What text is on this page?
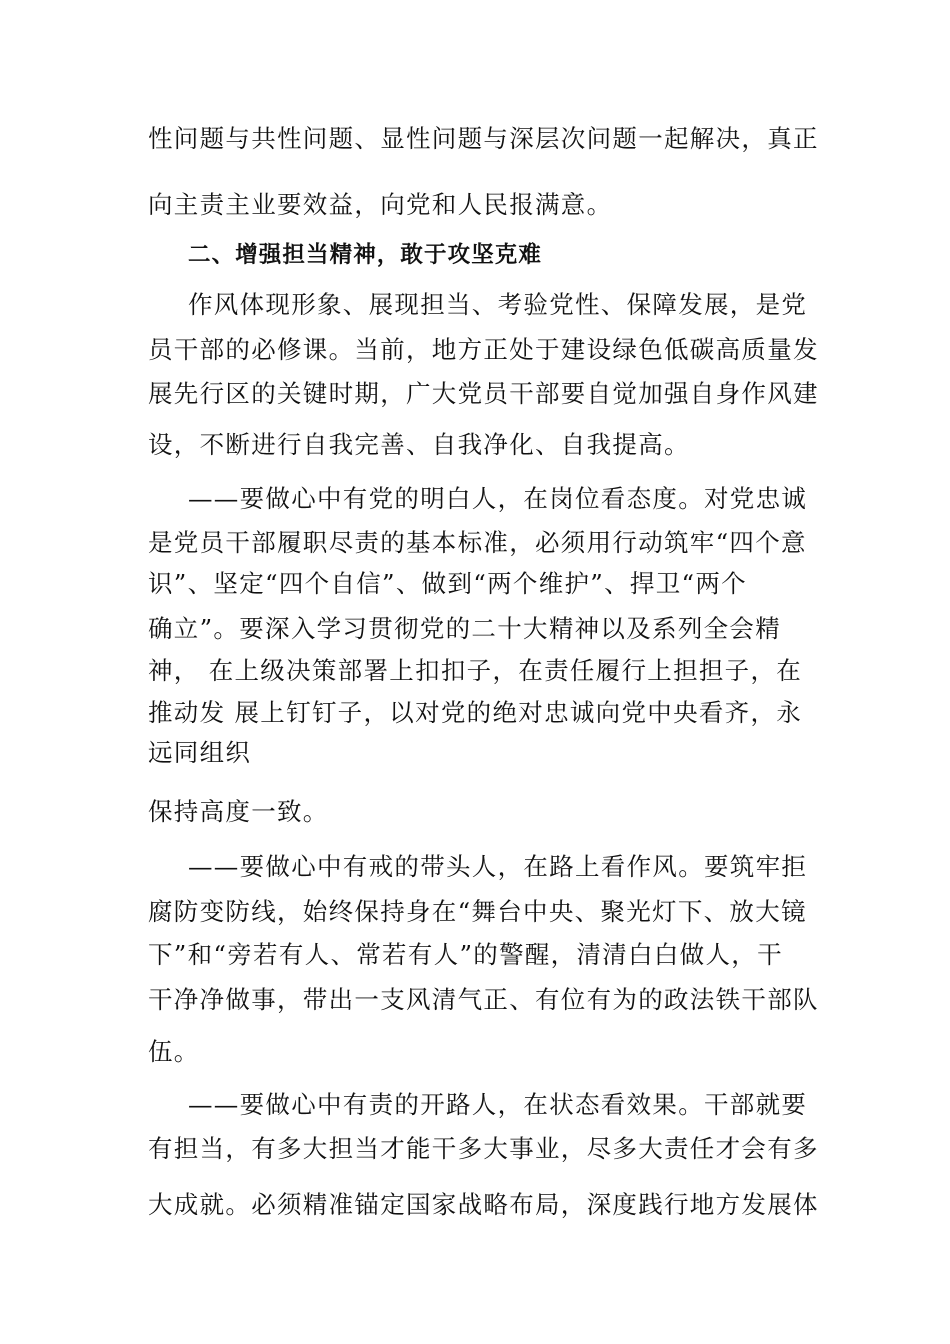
性问题与共性问题、显性问题与深层次问题一起解决，真正
向主责主业要效益，向党和人民报满意。
二、增强担当精神，敢于攻坚克难
作风体现形象、展现担当、考验党性、保障发展，是党
员干部的必修课。当前，地方正处于建设绿色低碳高质量发
展先行区的关键时期，广大党员干部要自觉加强自身作风建
设，不断进行自我完善、自我净化、自我提高。
——要做心中有党的明白人，在岗位看态度。对党忠诚
是党员干部履职尽责的基本标准，必须用行动筑牢“四个意
识”、坚定“四个自信”、做到“两个维护”、捍卫“两个
确立”。要深入学习贯彻党的二十大精神以及系列全会精
神， 在上级决策部署上扣扣子，在责任履行上担担子，在
推动发 展上钉钉子，以对党的绝对忠诚向党中央看齐，永
远同组织
保持高度一致。
——要做心中有戒的带头人，在路上看作风。要筑牢拒
腐防变防线，始终保持身在“舞台中央、聚光灯下、放大镜
下”和“旁若有人、常若有人”的警醒，清清白白做人，干
干净净做事，带出一支风清气正、有位有为的政法铁干部队
伍。
——要做心中有责的开路人，在状态看效果。干部就要
有担当，有多大担当才能干多大事业，尽多大责任才会有多
大成就。必须精准锚定国家战略布局，深度践行地方发展体
